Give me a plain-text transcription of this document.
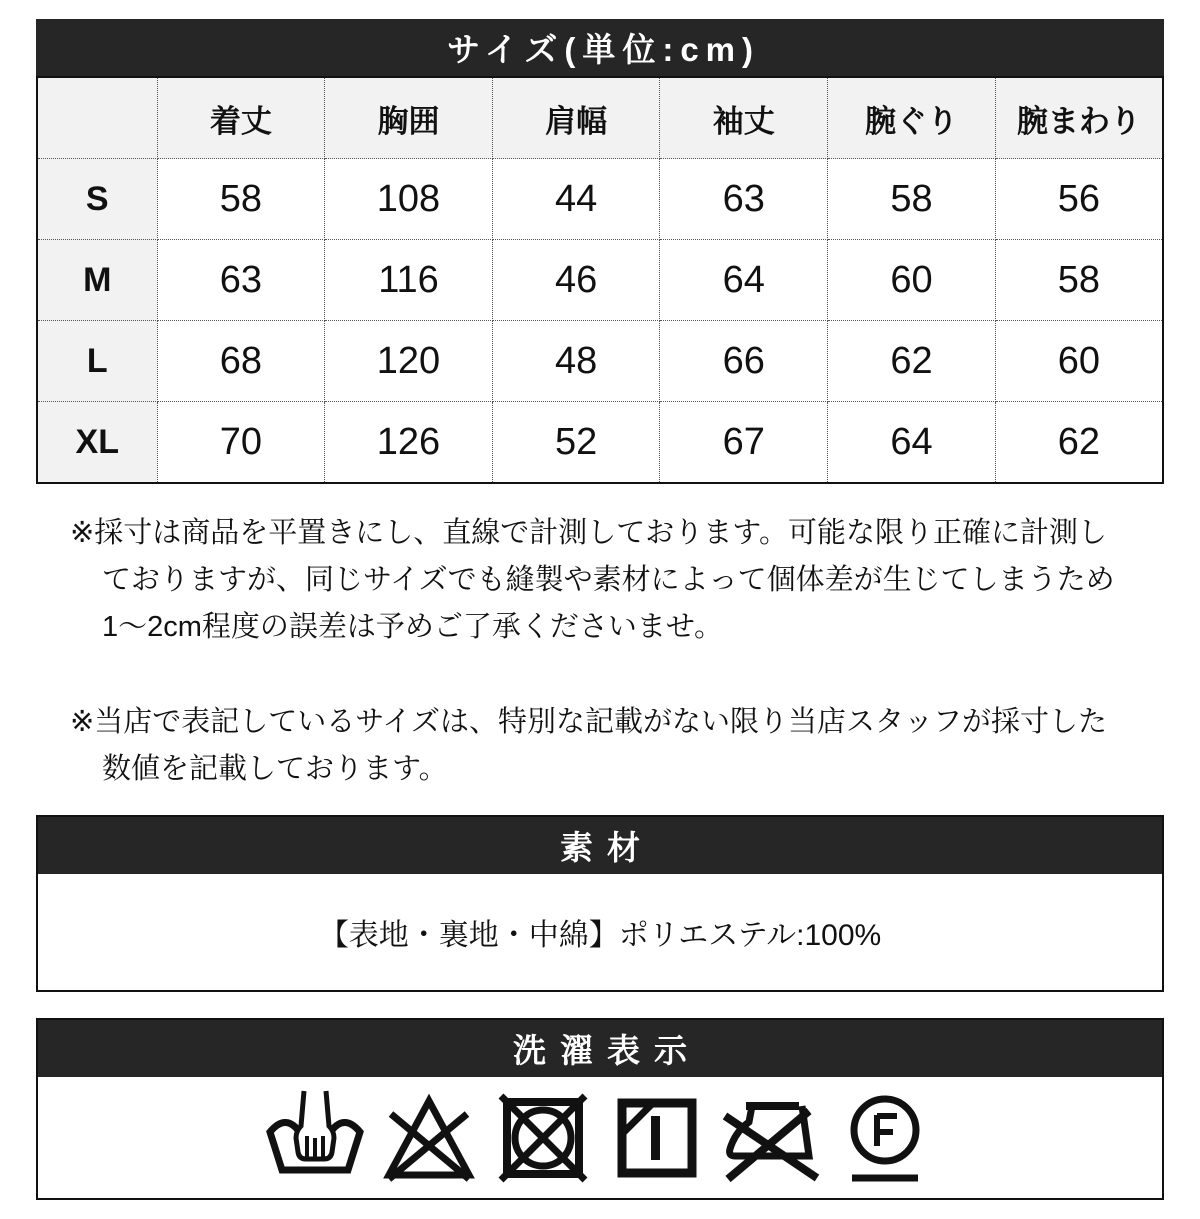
サイズ(単位:cm)
	着丈	胸囲	肩幅	袖丈	腕ぐり	腕まわり
S	58	108	44	63	58	56
M	63	116	46	64	60	58
L	68	120	48	66	62	60
XL	70	126	52	67	64	62
※採寸は商品を平置きにし、直線で計測しております。可能な限り正確に計測し
ておりますが、同じサイズでも縫製や素材によって個体差が生じてしまうため
1〜2cm程度の誤差は予めご了承くださいませ。
※当店で表記しているサイズは、特別な記載がない限り当店スタッフが採寸した
数値を記載しております。
素材
【表地・裏地・中綿】ポリエステル:100%
洗濯表示
